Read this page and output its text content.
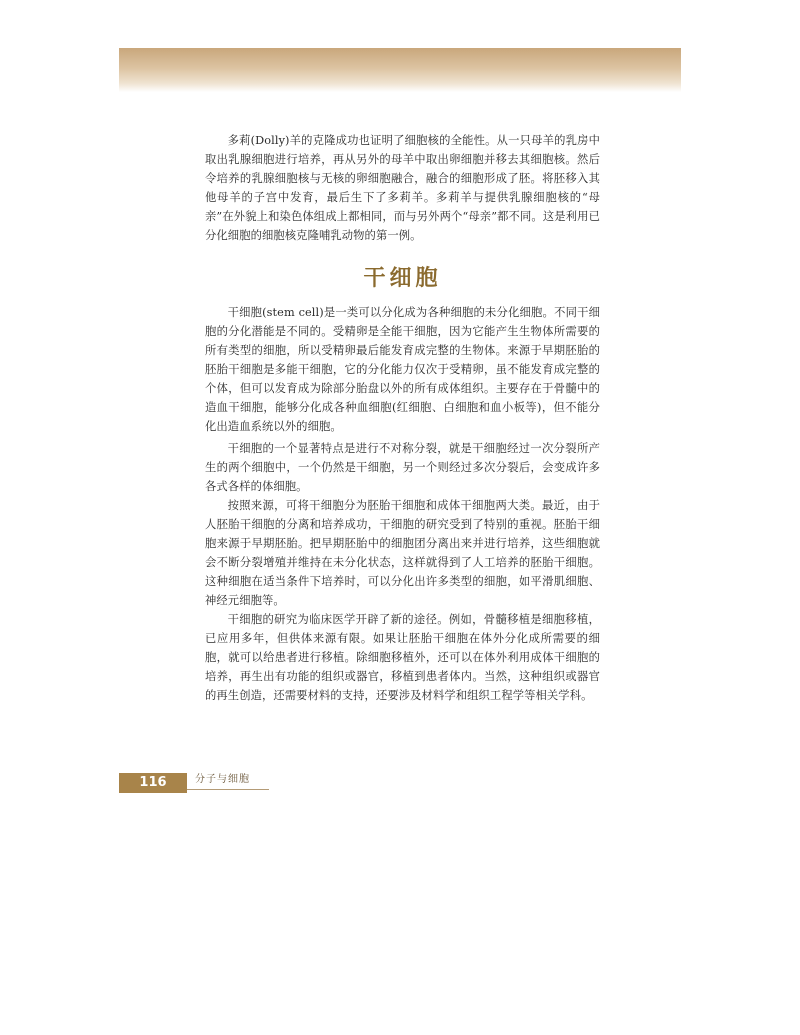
多莉(Dolly)羊的克隆成功也证明了细胞核的全能性。从一只母羊的乳房中取出乳腺细胞进行培养，再从另外的母羊中取出卵细胞并移去其细胞核。然后令培养的乳腺细胞核与无核的卵细胞融合，融合的细胞形成了胚。将胚移入其他母羊的子宫中发育，最后生下了多莉羊。多莉羊与提供乳腺细胞核的“母亲”在外貌上和染色体组成上都相同，而与另外两个“母亲”都不同。这是利用已分化细胞的细胞核克隆哺乳动物的第一例。

干细胞

干细胞(stem cell)是一类可以分化成为各种细胞的未分化细胞。不同干细胞的分化潜能是不同的。受精卵是全能干细胞，因为它能产生生物体所需要的所有类型的细胞，所以受精卵最后能发育成完整的生物体。来源于早期胚胎的胚胎干细胞是多能干细胞，它的分化能力仅次于受精卵，虽不能发育成完整的个体，但可以发育成为除部分胎盘以外的所有成体组织。主要存在于骨髓中的造血干细胞，能够分化成各种血细胞(红细胞、白细胞和血小板等)，但不能分化出造血系统以外的细胞。

干细胞的一个显著特点是进行不对称分裂，就是干细胞经过一次分裂所产生的两个细胞中，一个仍然是干细胞，另一个则经过多次分裂后，会变成许多各式各样的体细胞。

按照来源，可将干细胞分为胚胎干细胞和成体干细胞两大类。最近，由于人胚胎干细胞的分离和培养成功，干细胞的研究受到了特别的重视。胚胎干细胞来源于早期胚胎。把早期胚胎中的细胞团分离出来并进行培养，这些细胞就会不断分裂增殖并维持在未分化状态，这样就得到了人工培养的胚胎干细胞。这种细胞在适当条件下培养时，可以分化出许多类型的细胞，如平滑肌细胞、神经元细胞等。

干细胞的研究为临床医学开辟了新的途径。例如，骨髓移植是细胞移植，已应用多年，但供体来源有限。如果让胚胎干细胞在体外分化成所需要的细胞，就可以给患者进行移植。除细胞移植外，还可以在体外利用成体干细胞的培养，再生出有功能的组织或器官，移植到患者体内。当然，这种组织或器官的再生创造，还需要材料的支持，还要涉及材料学和组织工程学等相关学科。

116	分子与细胞
